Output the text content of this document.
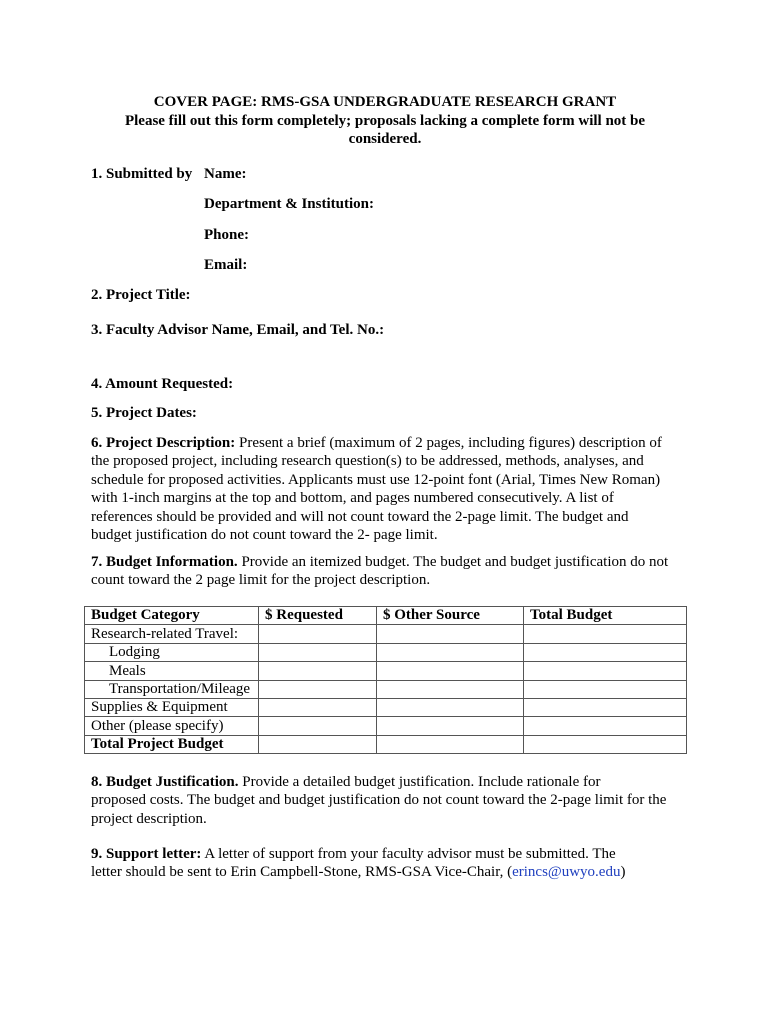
COVER PAGE: RMS-GSA UNDERGRADUATE RESEARCH GRANT
Please fill out this form completely; proposals lacking a complete form will not be
considered.
1. Submitted by Name:
Department & Institution:
Phone:
Email:
2. Project Title:
3. Faculty Advisor Name, Email, and Tel. No.:
4. Amount Requested:
5. Project Dates:
6. Project Description: Present a brief (maximum of 2 pages, including figures) description of
the proposed project, including research question(s) to be addressed, methods, analyses, and
schedule for proposed activities. Applicants must use 12-point font (Arial, Times New Roman)
with 1-inch margins at the top and bottom, and pages numbered consecutively. A list of
references should be provided and will not count toward the 2-page limit. The budget and
budget justification do not count toward the 2- page limit.
7. Budget Information. Provide an itemized budget. The budget and budget justification do not
count toward the 2 page limit for the project description.
Budget Category	$ Requested	$ Other Source	Total Budget
Research-related Travel:			
Lodging			
Meals			
Transportation/Mileage			
Supplies & Equipment			
Other (please specify)			
Total Project Budget			
8. Budget Justification. Provide a detailed budget justification. Include rationale for
proposed costs. The budget and budget justification do not count toward the 2-page limit for the
project description.
9. Support letter: A letter of support from your faculty advisor must be submitted. The
letter should be sent to Erin Campbell-Stone, RMS-GSA Vice-Chair, (erincs@uwyo.edu)
